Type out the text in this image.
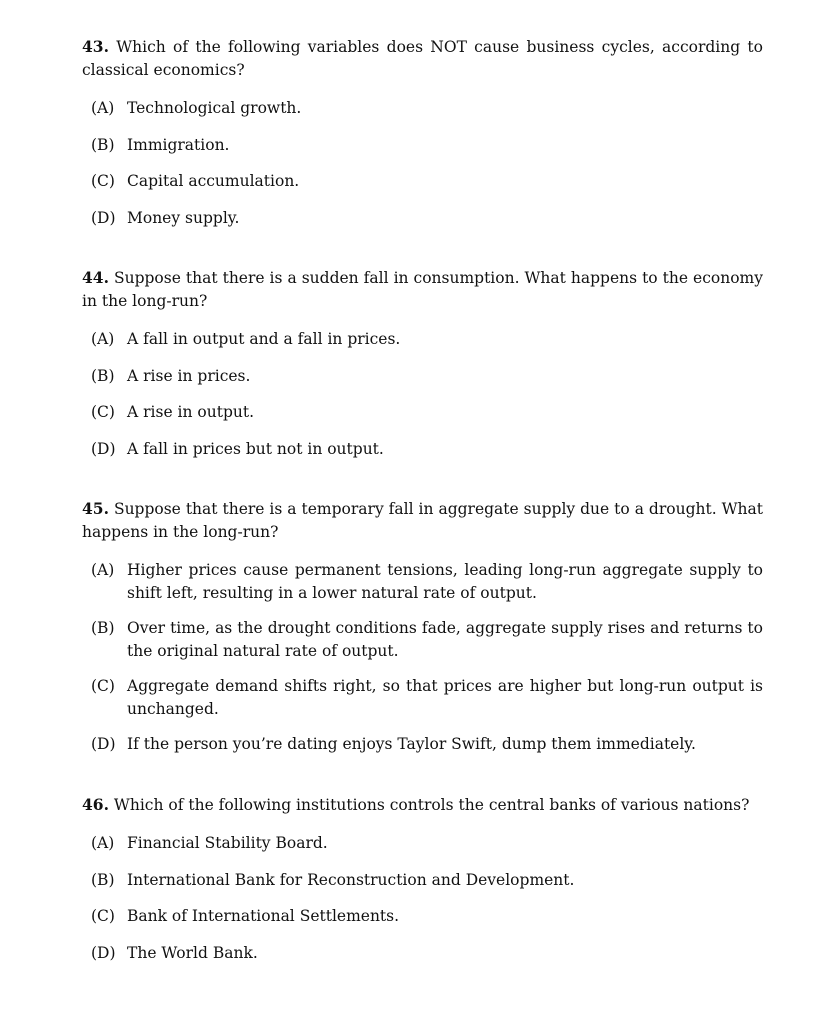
43. Which of the following variables does NOT cause business cycles, according to classical economics?

(A) Technological growth.
(B) Immigration.
(C) Capital accumulation.
(D) Money supply.

44. Suppose that there is a sudden fall in consumption. What happens to the economy in the long-run?

(A) A fall in output and a fall in prices.
(B) A rise in prices.
(C) A rise in output.
(D) A fall in prices but not in output.

45. Suppose that there is a temporary fall in aggregate supply due to a drought. What happens in the long-run?

(A) Higher prices cause permanent tensions, leading long-run aggregate supply to shift left, resulting in a lower natural rate of output.
(B) Over time, as the drought conditions fade, aggregate supply rises and returns to the original natural rate of output.
(C) Aggregate demand shifts right, so that prices are higher but long-run output is unchanged.
(D) If the person you’re dating enjoys Taylor Swift, dump them immediately.

46. Which of the following institutions controls the central banks of various nations?

(A) Financial Stability Board.
(B) International Bank for Reconstruction and Development.
(C) Bank of International Settlements.
(D) The World Bank.
